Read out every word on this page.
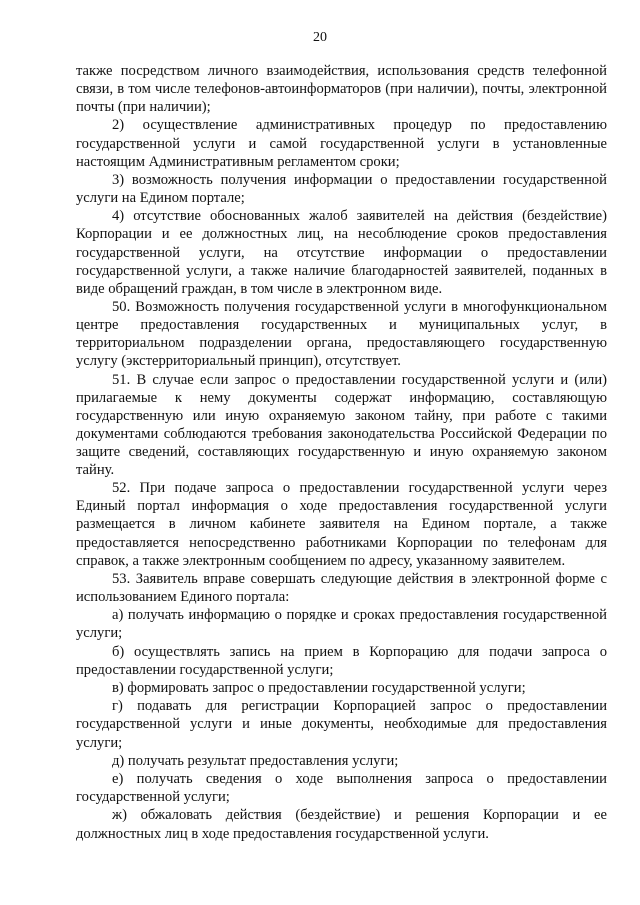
20

также посредством личного взаимодействия, использования средств телефонной связи, в том числе телефонов-автоинформаторов (при наличии), почты, электронной почты (при наличии);

2) осуществление административных процедур по предоставлению государственной услуги и самой государственной услуги в установленные настоящим Административным регламентом сроки;

3) возможность получения информации о предоставлении государственной услуги на Едином портале;

4) отсутствие обоснованных жалоб заявителей на действия (бездействие) Корпорации и ее должностных лиц, на несоблюдение сроков предоставления государственной услуги, на отсутствие информации о предоставлении государственной услуги, а также наличие благодарностей заявителей, поданных в виде обращений граждан, в том числе в электронном виде.

50. Возможность получения государственной услуги в многофункциональном центре предоставления государственных и муниципальных услуг, в территориальном подразделении органа, предоставляющего государственную услугу (экстерриториальный принцип), отсутствует.

51. В случае если запрос о предоставлении государственной услуги и (или) прилагаемые к нему документы содержат информацию, составляющую государственную или иную охраняемую законом тайну, при работе с такими документами соблюдаются требования законодательства Российской Федерации по защите сведений, составляющих государственную и иную охраняемую законом тайну.

52. При подаче запроса о предоставлении государственной услуги через Единый портал информация о ходе предоставления государственной услуги размещается в личном кабинете заявителя на Едином портале, а также предоставляется непосредственно работниками Корпорации по телефонам для справок, а также электронным сообщением по адресу, указанному заявителем.

53. Заявитель вправе совершать следующие действия в электронной форме с использованием Единого портала:

а) получать информацию о порядке и сроках предоставления государственной услуги;

б) осуществлять запись на прием в Корпорацию для подачи запроса о предоставлении государственной услуги;

в) формировать запрос о предоставлении государственной услуги;

г) подавать для регистрации Корпорацией запрос о предоставлении государственной услуги и иные документы, необходимые для предоставления услуги;

д) получать результат предоставления услуги;

е) получать сведения о ходе выполнения запроса о предоставлении государственной услуги;

ж) обжаловать действия (бездействие) и решения Корпорации и ее должностных лиц в ходе предоставления государственной услуги.
